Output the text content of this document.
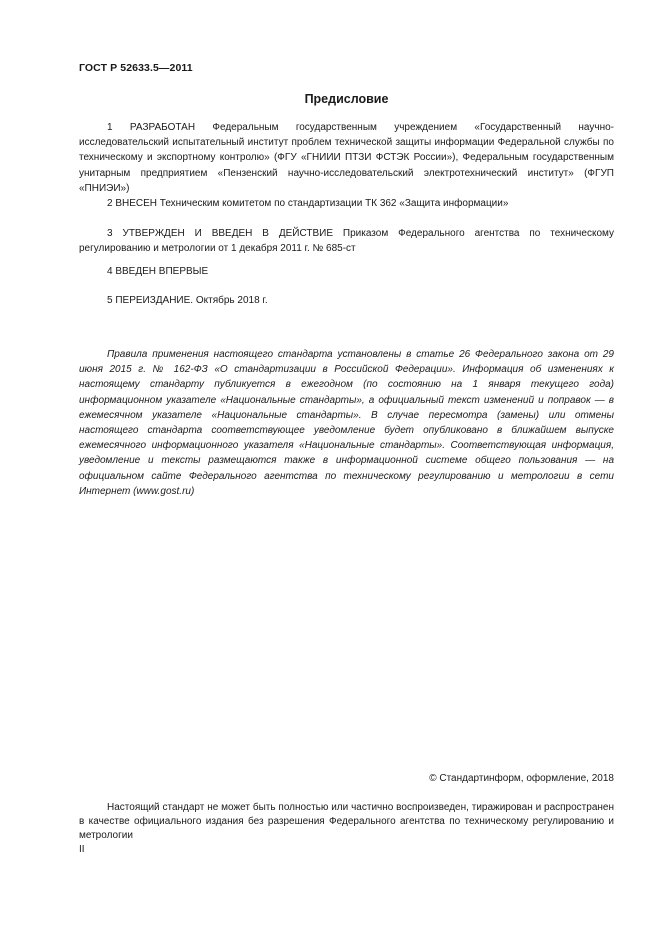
ГОСТ Р 52633.5—2011
Предисловие

1 РАЗРАБОТАН Федеральным государственным учреждением «Государственный научно-исследовательский испытательный институт проблем технической защиты информации Федеральной службы по техническому и экспортному контролю» (ФГУ «ГНИИИ ПТЗИ ФСТЭК России»), Федеральным государственным унитарным предприятием «Пензенский научно-исследовательский электротехнический институт» (ФГУП «ПНИЭИ»)

2 ВНЕСЕН Техническим комитетом по стандартизации ТК 362 «Защита информации»

3 УТВЕРЖДЕН И ВВЕДЕН В ДЕЙСТВИЕ Приказом Федерального агентства по техническому регулированию и метрологии от 1 декабря 2011 г. № 685-ст

4 ВВЕДЕН ВПЕРВЫЕ

5 ПЕРЕИЗДАНИЕ. Октябрь 2018 г.

Правила применения настоящего стандарта установлены в статье 26 Федерального закона от 29 июня 2015 г. № 162-ФЗ «О стандартизации в Российской Федерации». Информация об изменениях к настоящему стандарту публикуется в ежегодном (по состоянию на 1 января текущего года) информационном указателе «Национальные стандарты», а официальный текст изменений и поправок — в ежемесячном указателе «Национальные стандарты». В случае пересмотра (замены) или отмены настоящего стандарта соответствующее уведомление будет опубликовано в ближайшем выпуске ежемесячного информационного указателя «Национальные стандарты». Соответствующая информация, уведомление и тексты размещаются также в информационной системе общего пользования — на официальном сайте Федерального агентства по техническому регулированию и метрологии в сети Интернет (www.gost.ru)

© Стандартинформ, оформление, 2018

Настоящий стандарт не может быть полностью или частично воспроизведен, тиражирован и распространен в качестве официального издания без разрешения Федерального агентства по техническому регулированию и метрологии

II
